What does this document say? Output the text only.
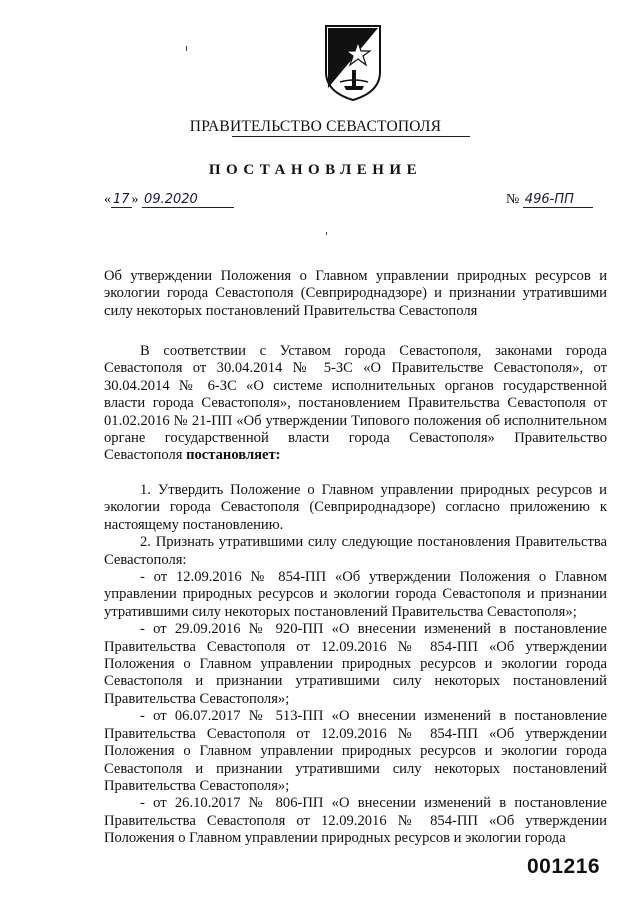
ПРАВИТЕЛЬСТВО СЕВАСТОПОЛЯ
ПОСТАНОВЛЕНИЕ
« 17 » 09.2020	№ 496-ПП
Об утверждении Положения о Главном управлении природных ресурсов и экологии города Севастополя (Севприроднадзоре) и признании утратившими силу некоторых постановлений Правительства Севастополя

В соответствии с Уставом города Севастополя, законами города Севастополя от 30.04.2014 № 5-ЗС «О Правительстве Севастополя», от 30.04.2014 № 6-ЗС «О системе исполнительных органов государственной власти города Севастополя», постановлением Правительства Севастополя от 01.02.2016 № 21-ПП «Об утверждении Типового положения об исполнительном органе государственной власти города Севастополя» Правительство Севастополя постановляет:

1. Утвердить Положение о Главном управлении природных ресурсов и экологии города Севастополя (Севприроднадзоре) согласно приложению к настоящему постановлению.

2. Признать утратившими силу следующие постановления Правительства Севастополя:

- от 12.09.2016 № 854-ПП «Об утверждении Положения о Главном управлении природных ресурсов и экологии города Севастополя и признании утратившими силу некоторых постановлений Правительства Севастополя»;

- от 29.09.2016 № 920-ПП «О внесении изменений в постановление Правительства Севастополя от 12.09.2016 № 854-ПП «Об утверждении Положения о Главном управлении природных ресурсов и экологии города Севастополя и признании утратившими силу некоторых постановлений Правительства Севастополя»;

- от 06.07.2017 № 513-ПП «О внесении изменений в постановление Правительства Севастополя от 12.09.2016 № 854-ПП «Об утверждении Положения о Главном управлении природных ресурсов и экологии города Севастополя и признании утратившими силу некоторых постановлений Правительства Севастополя»;

- от 26.10.2017 № 806-ПП «О внесении изменений в постановление Правительства Севастополя от 12.09.2016 № 854-ПП «Об утверждении Положения о Главном управлении природных ресурсов и экологии города

001216
